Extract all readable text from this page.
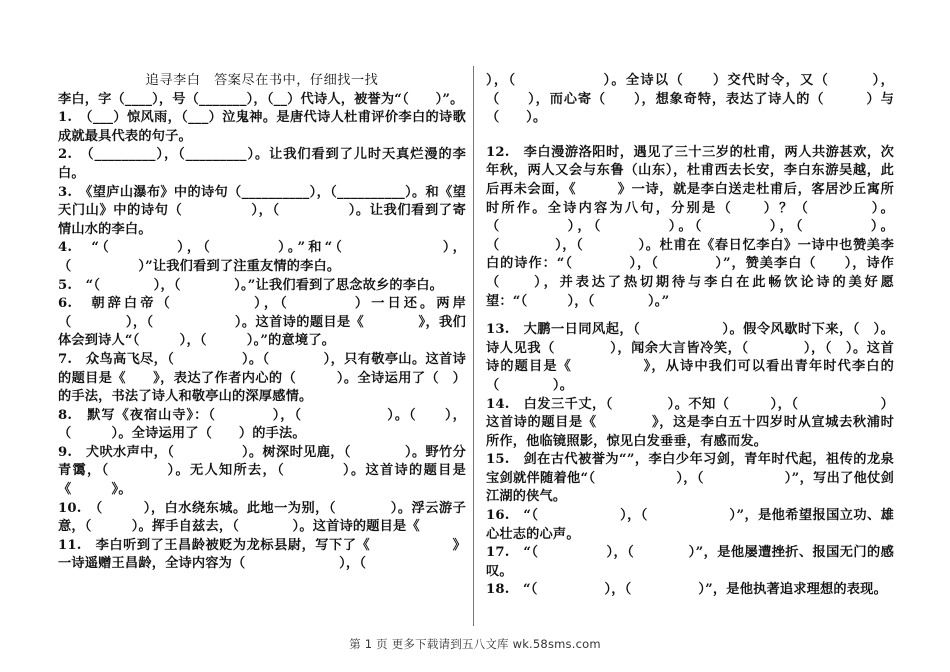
追寻李白　答案尽在书中，仔细找一找

李白，字（____），号（_______），（__）代诗人，被誉为“（　　）”。

1.　 （___）惊风雨，（___）泣鬼神。是唐代诗人杜甫评价李白的诗歌成就最具代表的句子。

2.　 （_________），（_________）。让我们看到了儿时天真烂漫的李白。

3.　 《望庐山瀑布》中的诗句（__________），（__________）。和《望天门山》中的诗句（　　　　　），（　　　　　）。让我们看到了寄情山水的李白。

4.　 “（　　　　），（　　　　）。”和“（　　　　　　），（　　　　　）”让我们看到了注重友情的李白。

5.　 “（　　　　），（　　　　）。”让我们看到了思念故乡的李白。

6.　 朝辞白帝（　　　　　），（　　　　）一日还。两岸（　　　　），（　　　　　　）。这首诗的题目是《　　　　》，我们体会到诗人“（　　　），（　　　）。”的意境了。

7.　 众鸟高飞尽，（　　　　　）。（　　　　），只有敬亭山。这首诗的题目是《　　》，表达了作者内心的（　　　）。全诗运用了（　）的手法，书法了诗人和敬亭山的深厚感情。

8.　 默写《夜宿山寺》：（　　　　），（　　　　　　）。（　　），（　　　）。全诗运用了（　　）的手法。

9.　 犬吠水声中，（　　　　　）。树深时见鹿，（　　　　）。野竹分青霭，（　　　　）。无人知所去，（　　　　）。这首诗的题目是《　　　》。

10.　 （　　　），白水绕东城。此地一为别，（　　　　）。浮云游子意，（　　　）。挥手自兹去，（　　　　）。这首诗的题目是《

11.　 李白听到了王昌龄被贬为龙标县尉，写下了《　　　　　　》一诗遥赠王昌龄，全诗内容为（　　　　　　　），（　　　

），（　　　　　　）。全诗以（　　）交代时令，又（　　　），（　　），而心寄（　　），想象奇特，表达了诗人的（　　　）与（　　）。

12.　 李白漫游洛阳时，遇见了三十三岁的杜甫，两人共游甚欢，次年秋，两人又会与东鲁（山东），杜甫西去长安，李白东游吴越，此后再未会面，《　　　》一诗，就是李白送走杜甫后，客居沙丘寓所时所作。全诗内容为八句，分别是（　　）？（　　　　）。（　　　　），（　　　　）。（　　　　），（　　　　）。（　　　　），（　　　　）。杜甫在《春日忆李白》一诗中也赞美李白的诗作：“（　　　　），（　　　　）”，赞美李白（　　），诗作（　　），并表达了热切期待与李白在此畅饮论诗的美好愿望：“（　　　），（　　　　）。”

13.　 大鹏一日同风起，（　　　　　　）。假令风歇时下来，（　）。诗人见我（　　　　），闻余大言皆冷笑，（　　　　），（　）。这首诗的题目是《　　　　　》，从诗中我们可以看出青年时代李白的（　　　　）。

14.　 白发三千丈，（　　　　）。不知（　　　），（　　　　　　）这首诗的题目是《　　　　》，这是李白五十四岁时从宣城去秋浦时所作，他临镜照影，惊见白发垂垂，有感而发。

15.　 剑在古代被誉为“”，李白少年习剑，青年时代起，祖传的龙泉宝剑就伴随着他“（　　　　　　），（　　　　　　）”，写出了他仗剑江湖的侠气。

16.　 “（　　　　　　），（　　　　　　）”，是他希望报国立功、雄心壮志的心声。

17.　 “（　　　　　），（　　　　）”，是他屡遭挫折、报国无门的感叹。

18.　 “（　　　　　），（　　　　　）”，是他执著追求理想的表现。

第 1 页 更多下载请到五八文库 wk.58sms.com
